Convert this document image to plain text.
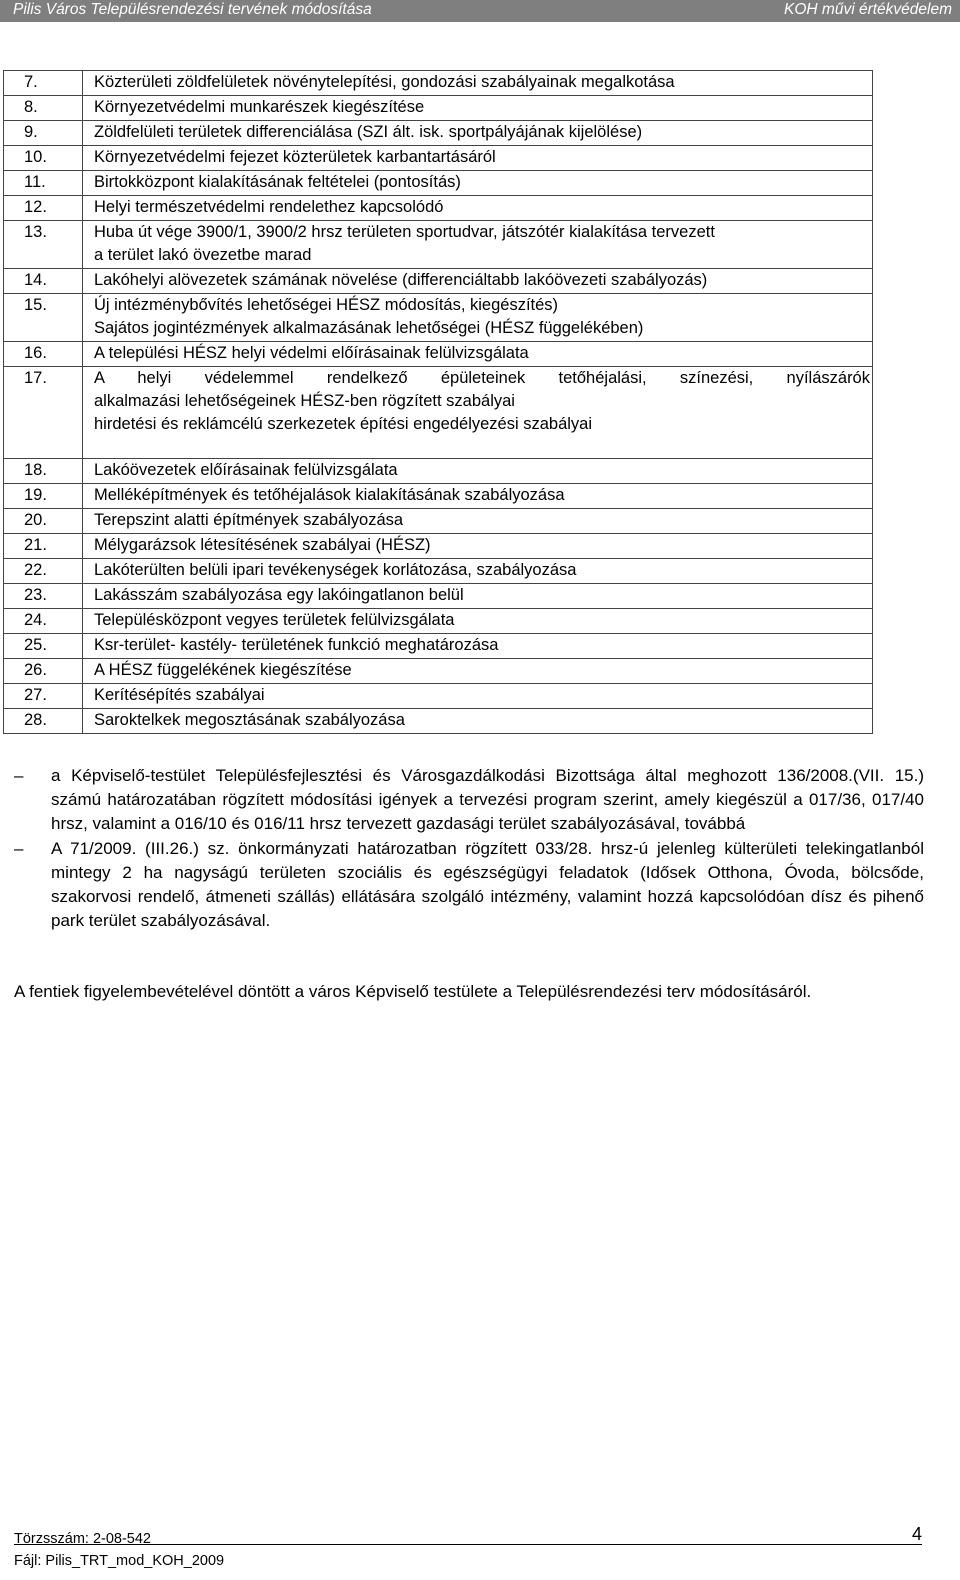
Pilis Város Településrendezési tervének módosítása	KOH művi értékvédelem
7.	Közterületi zöldfelületek növénytelepítési, gondozási szabályainak megalkotása

8.	Környezetvédelmi munkarészek kiegészítése

9.	Zöldfelületi területek differenciálása (SZI ált. isk. sportpályájának kijelölése)

10.	Környezetvédelmi fejezet közterületek karbantartásáról

11.	Birtokközpont kialakításának feltételei (pontosítás)

12.	Helyi természetvédelmi rendelethez kapcsolódó

13.	Huba út vége 3900/1, 3900/2 hrsz területen sportudvar, játszótér kialakítása tervezett
a terület lakó övezetbe marad

14.	Lakóhelyi alövezetek számának növelése (differenciáltabb lakóövezeti szabályozás)

15.	Új intézménybővítés lehetőségei HÉSZ módosítás, kiegészítés)
Sajátos jogintézmények alkalmazásának lehetőségei (HÉSZ függelékében)

16.	A települési HÉSZ helyi védelmi előírásainak felülvizsgálata

17.	A helyi védelemmel rendelkező épületeinek tetőhéjalási, színezési, nyílászárók
alkalmazási lehetőségeinek HÉSZ-ben rögzített szabályai
hirdetési és reklámcélú szerkezetek építési engedélyezési szabályai

18.	Lakóövezetek előírásainak felülvizsgálata

19.	Melléképítmények és tetőhéjalások kialakításának szabályozása

20.	Terepszint alatti építmények szabályozása

21.	Mélygarázsok létesítésének szabályai (HÉSZ)

22.	Lakóterülten belüli ipari tevékenységek korlátozása, szabályozása

23.	Lakásszám szabályozása egy lakóingatlanon belül

24.	Településközpont vegyes területek felülvizsgálata

25.	Ksr-terület- kastély- területének funkció meghatározása

26.	A HÉSZ függelékének kiegészítése

27.	Kerítésépítés szabályai

28.	Saroktelkek megosztásának szabályozása
– a Képviselő-testület Településfejlesztési és Városgazdálkodási Bizottsága által meghozott 136/2008.(VII. 15.) számú határozatában rögzített módosítási igények a tervezési program szerint, amely kiegészül a 017/36, 017/40 hrsz, valamint a 016/10 és 016/11 hrsz tervezett gazdasági terület szabályozásával, továbbá
– A 71/2009. (III.26.) sz. önkormányzati határozatban rögzített 033/28. hrsz-ú jelenleg külterületi telekingatlanból mintegy 2 ha nagyságú területen szociális és egészségügyi feladatok (Idősek Otthona, Óvoda, bölcsőde, szakorvosi rendelő, átmeneti szállás) ellátására szolgáló intézmény, valamint hozzá kapcsolódóan dísz és pihenő park terület szabályozásával.
A fentiek figyelembevételével döntött a város Képviselő testülete a Településrendezési terv módosításáról.
Törzsszám: 2-08-542
Fájl: Pilis_TRT_mod_KOH_2009
4
